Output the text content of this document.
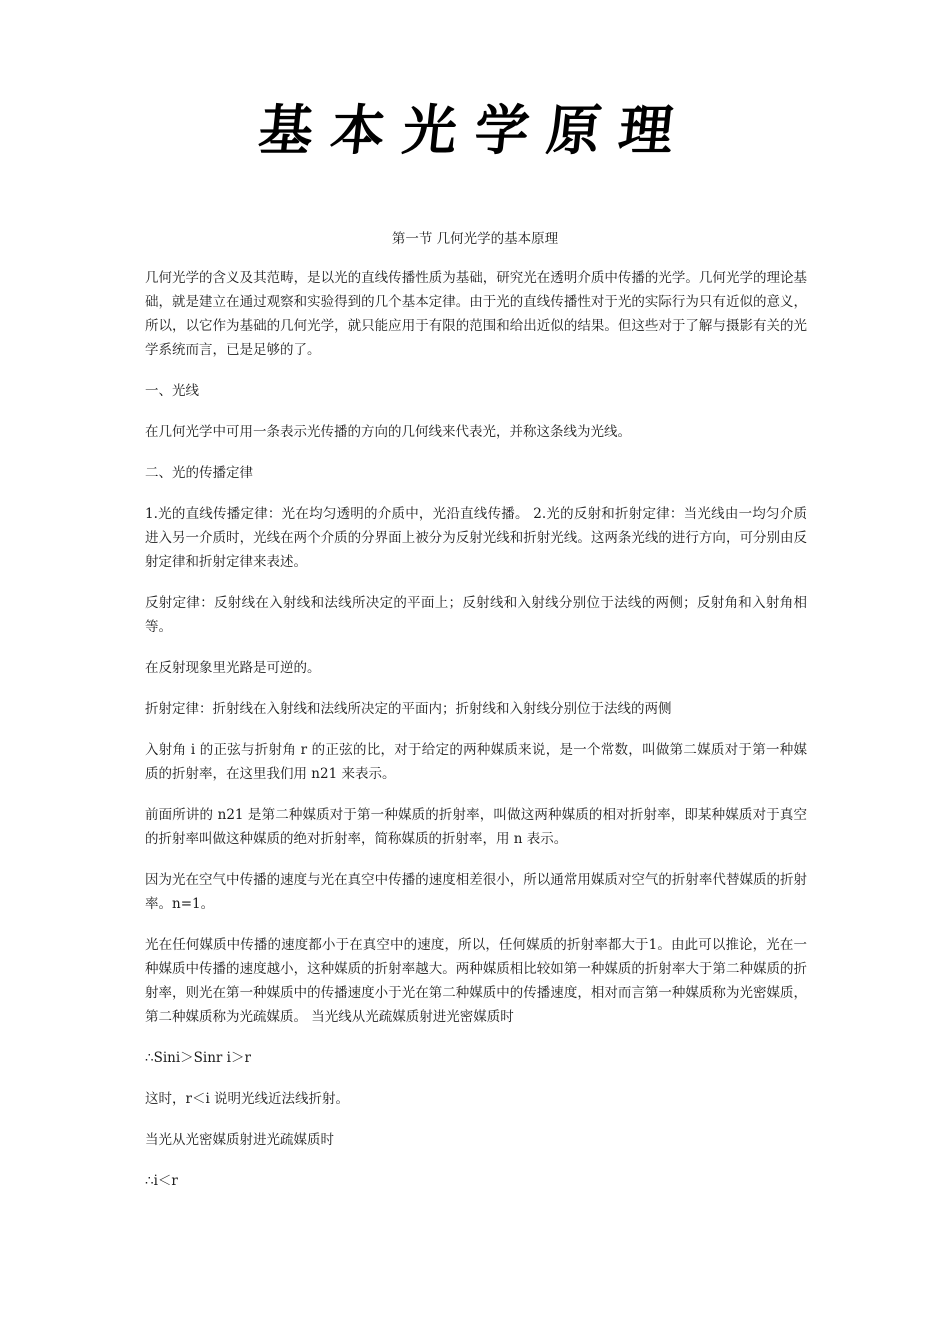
基本光学原理
第一节 几何光学的基本原理

几何光学的含义及其范畴，是以光的直线传播性质为基础，研究光在透明介质中传播的光学。几何光学的理论基础，就是建立在通过观察和实验得到的几个基本定律。由于光的直线传播性对于光的实际行为只有近似的意义，所以，以它作为基础的几何光学，就只能应用于有限的范围和给出近似的结果。但这些对于了解与摄影有关的光学系统而言，已是足够的了。

一、光线

在几何光学中可用一条表示光传播的方向的几何线来代表光，并称这条线为光线。

二、光的传播定律

1.光的直线传播定律：光在均匀透明的介质中，光沿直线传播。 2.光的反射和折射定律：当光线由一均匀介质进入另一介质时，光线在两个介质的分界面上被分为反射光线和折射光线。这两条光线的进行方向，可分别由反射定律和折射定律来表述。

反射定律：反射线在入射线和法线所决定的平面上；反射线和入射线分别位于法线的两侧；反射角和入射角相等。

在反射现象里光路是可逆的。

折射定律：折射线在入射线和法线所决定的平面内；折射线和入射线分别位于法线的两侧

入射角 i 的正弦与折射角 r 的正弦的比，对于给定的两种媒质来说，是一个常数，叫做第二媒质对于第一种媒质的折射率，在这里我们用 n21 来表示。

前面所讲的 n21 是第二种媒质对于第一种媒质的折射率，叫做这两种媒质的相对折射率，即某种媒质对于真空的折射率叫做这种媒质的绝对折射率，简称媒质的折射率，用 n 表示。

因为光在空气中传播的速度与光在真空中传播的速度相差很小，所以通常用媒质对空气的折射率代替媒质的折射率。n=1。

光在任何媒质中传播的速度都小于在真空中的速度，所以，任何媒质的折射率都大于1。由此可以推论，光在一种媒质中传播的速度越小，这种媒质的折射率越大。两种媒质相比较如第一种媒质的折射率大于第二种媒质的折射率，则光在第一种媒质中的传播速度小于光在第二种媒质中的传播速度，相对而言第一种媒质称为光密媒质，第二种媒质称为光疏媒质。 当光线从光疏媒质射进光密媒质时

∴Sini＞Sinr i＞r

这时，r＜i 说明光线近法线折射。

当光从光密媒质射进光疏媒质时

∴i＜r
